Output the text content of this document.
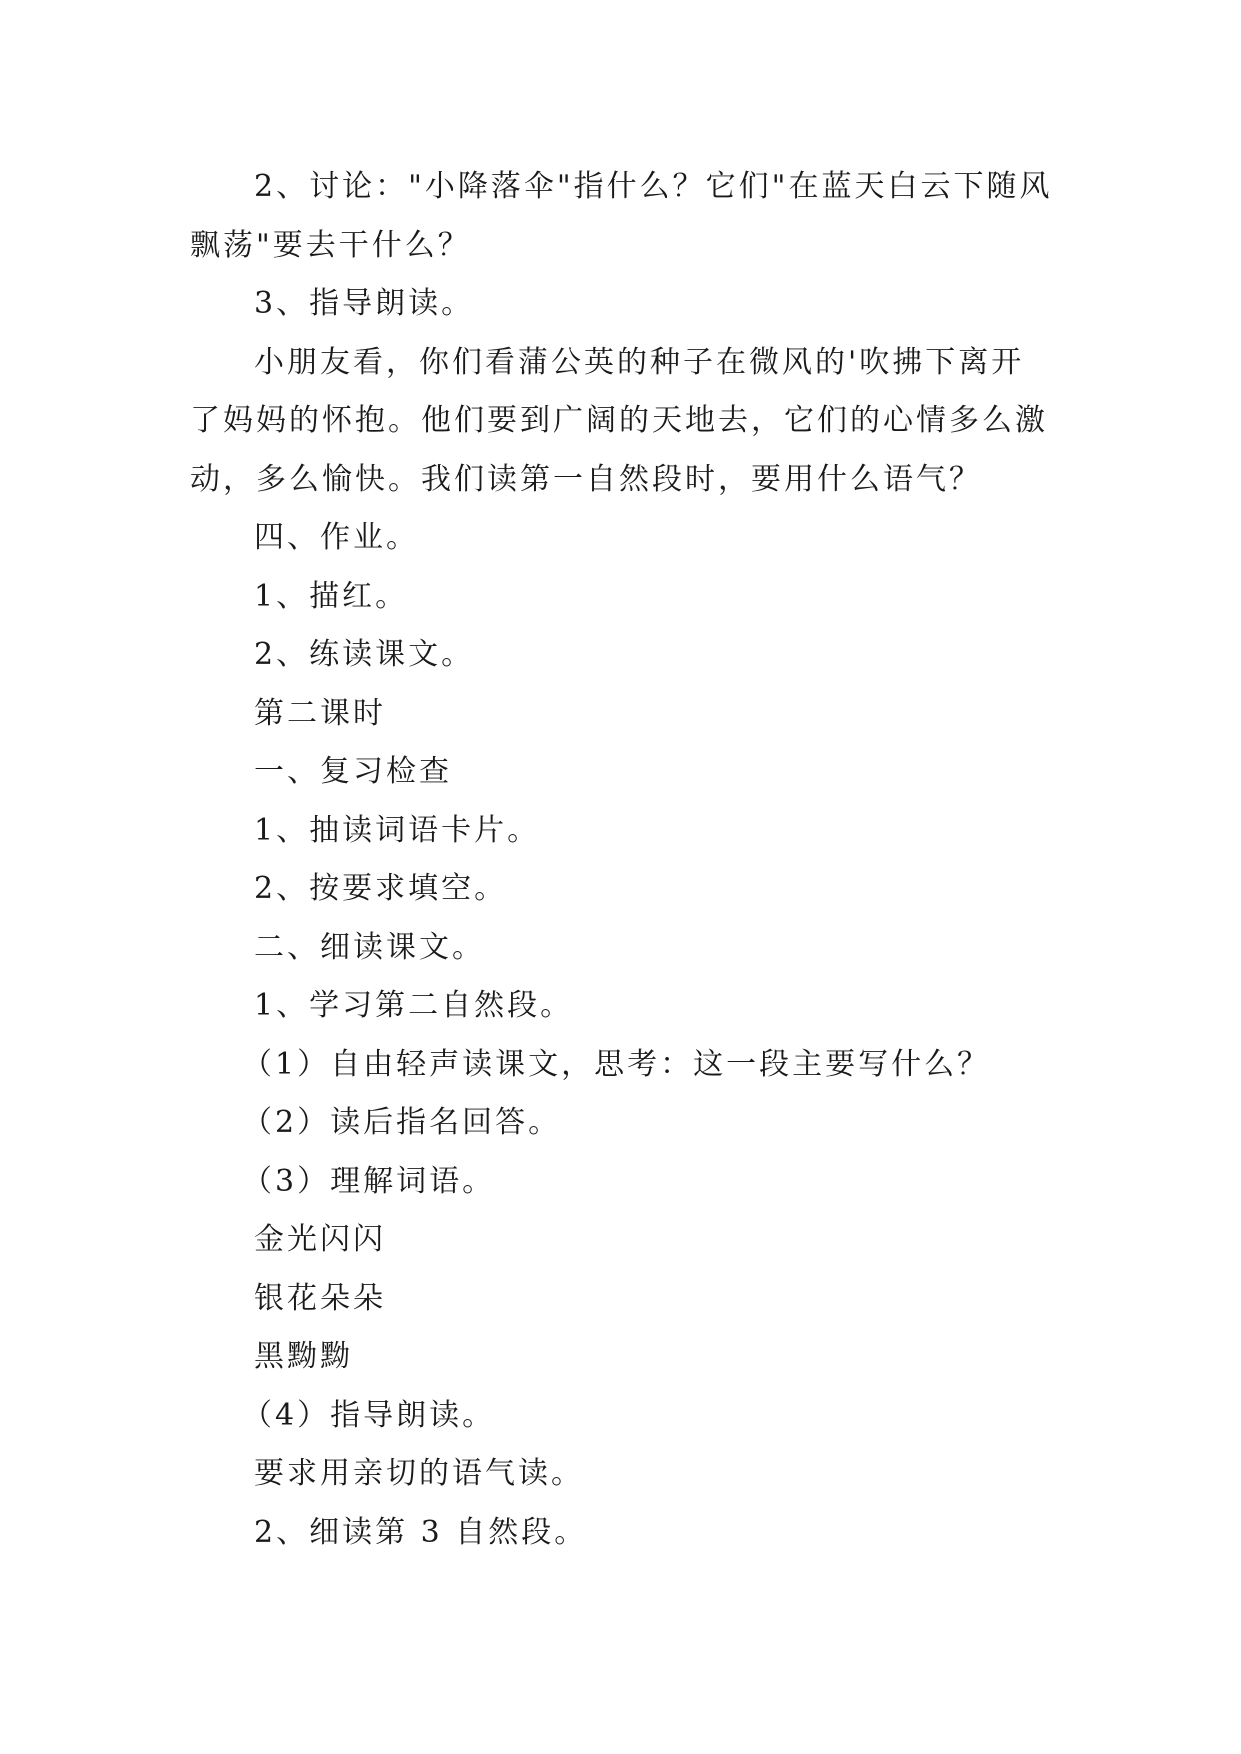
2、讨论："小降落伞"指什么？它们"在蓝天白云下随风

飘荡"要去干什么？

3、指导朗读。

小朋友看，你们看蒲公英的种子在微风的'吹拂下离开

了妈妈的怀抱。他们要到广阔的天地去，它们的心情多么激

动，多么愉快。我们读第一自然段时，要用什么语气？

四、作业。

1、描红。

2、练读课文。

第二课时

一、复习检查

1、抽读词语卡片。

2、按要求填空。

二、细读课文。

1、学习第二自然段。

（1）自由轻声读课文，思考：这一段主要写什么？

（2）读后指名回答。

（3）理解词语。

金光闪闪

银花朵朵

黑黝黝

（4）指导朗读。

要求用亲切的语气读。

2、细读第 3 自然段。
